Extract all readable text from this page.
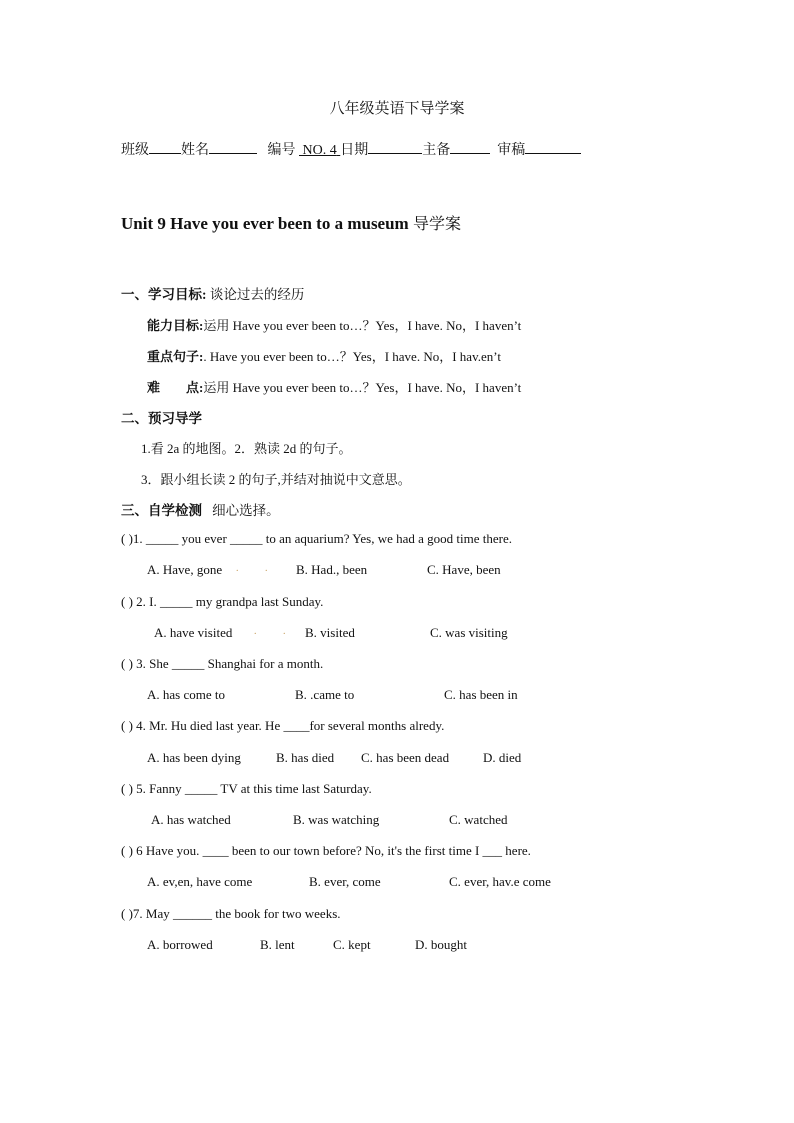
八年级英语下导学案
班级 姓名	编号 NO. 4 日期	主备	审稿
Unit 9 Have you ever been to a museum 导学案
一、学习目标: 谈论过去的经历
能力目标:运用 Have you ever been to…？Yes，I have. No，I haven’t
重点句子:. Have you ever been to…？Yes，I have. No，I hav.en’t
难　　点:运用 Have you ever been to…？Yes，I have. No，I haven’t
二、预习导学
1.看 2a 的地图。2．熟读 2d 的句子。
3．跟小组长读 2 的句子,并结对抽说中文意思。
三、自学检测 细心选择。
( )1. _____ you ever _____ to an aquarium? Yes, we had a good time there.
A. Have, gone .	. B. Had., been	C. Have, been
( ) 2. I. _____ my grandpa last Sunday.
A. have visited .	. B. visited	C. was visiting
( ) 3. She _____ Shanghai for a month.
A. has come to	B. .came to	C. has been in
( ) 4. Mr. Hu died last year. He ____for several months alredy.
A. has been dying	B. has died C. has been dead	D. died
( ) 5. Fanny _____ TV at this time last Saturday.
A. has watched	B. was watching	C. watched
( ) 6 Have you. ____ been to our town before? No, it's the first time I ___ here.
A. ev,en, have come	B. ever, come	C. ever, hav.e come
( )7. May ______ the book for two weeks.
A. borrowed	B. lent	C. kept	D. bought
